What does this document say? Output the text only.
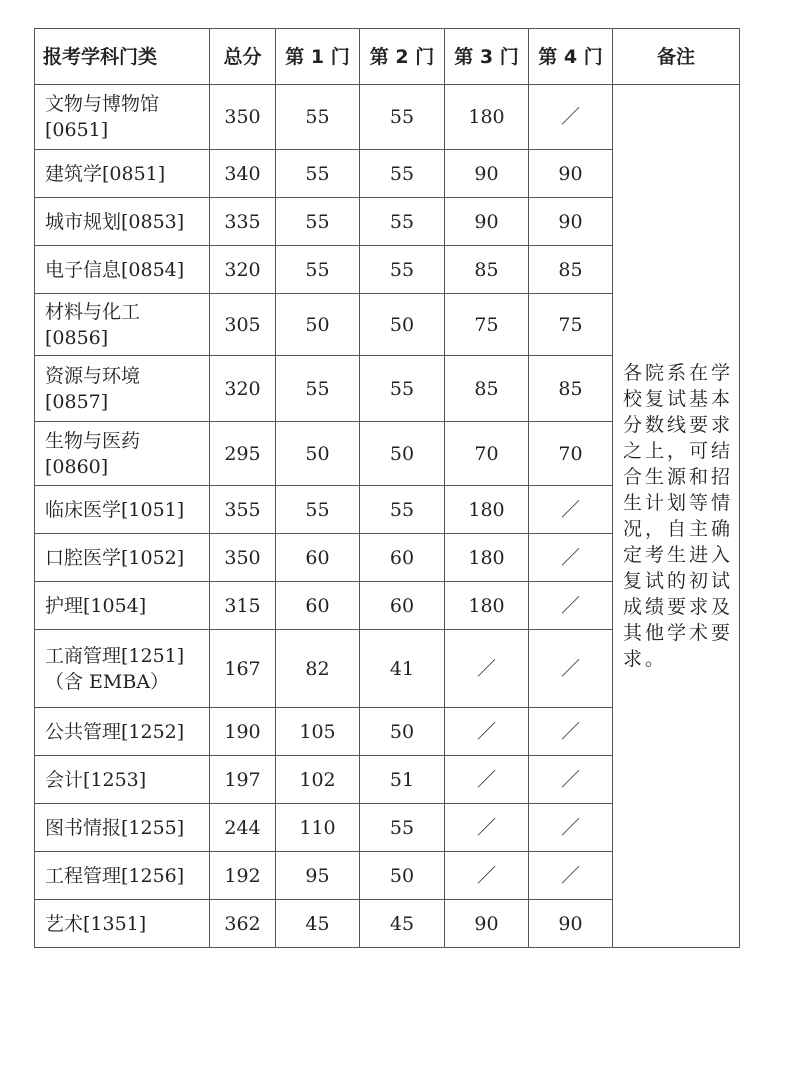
报考学科门类	总分	第 1 门	第 2 门	第 3 门	第 4 门	备注

文物与博物馆
[0651]	350	55	55	180	／	各院系在学校复试基本分数线要求之上，可结合生源和招生计划等情况，自主确定考生进入复试的初试成绩要求及其他学术要求。

建筑学[0851]	340	55	55	90	90	

城市规划[0853]	335	55	55	90	90	

电子信息[0854]	320	55	55	85	85	

材料与化工
[0856]	305	50	50	75	75	

资源与环境
[0857]	320	55	55	85	85	

生物与医药
[0860]	295	50	50	70	70	

临床医学[1051]	355	55	55	180	／	

口腔医学[1052]	350	60	60	180	／	

护理[1054]	315	60	60	180	／	

工商管理[1251]
（含 EMBA）	167	82	41	／	／	

公共管理[1252]	190	105	50	／	／	

会计[1253]	197	102	51	／	／	

图书情报[1255]	244	110	55	／	／	

工程管理[1256]	192	95	50	／	／	

艺术[1351]	362	45	45	90	90	
